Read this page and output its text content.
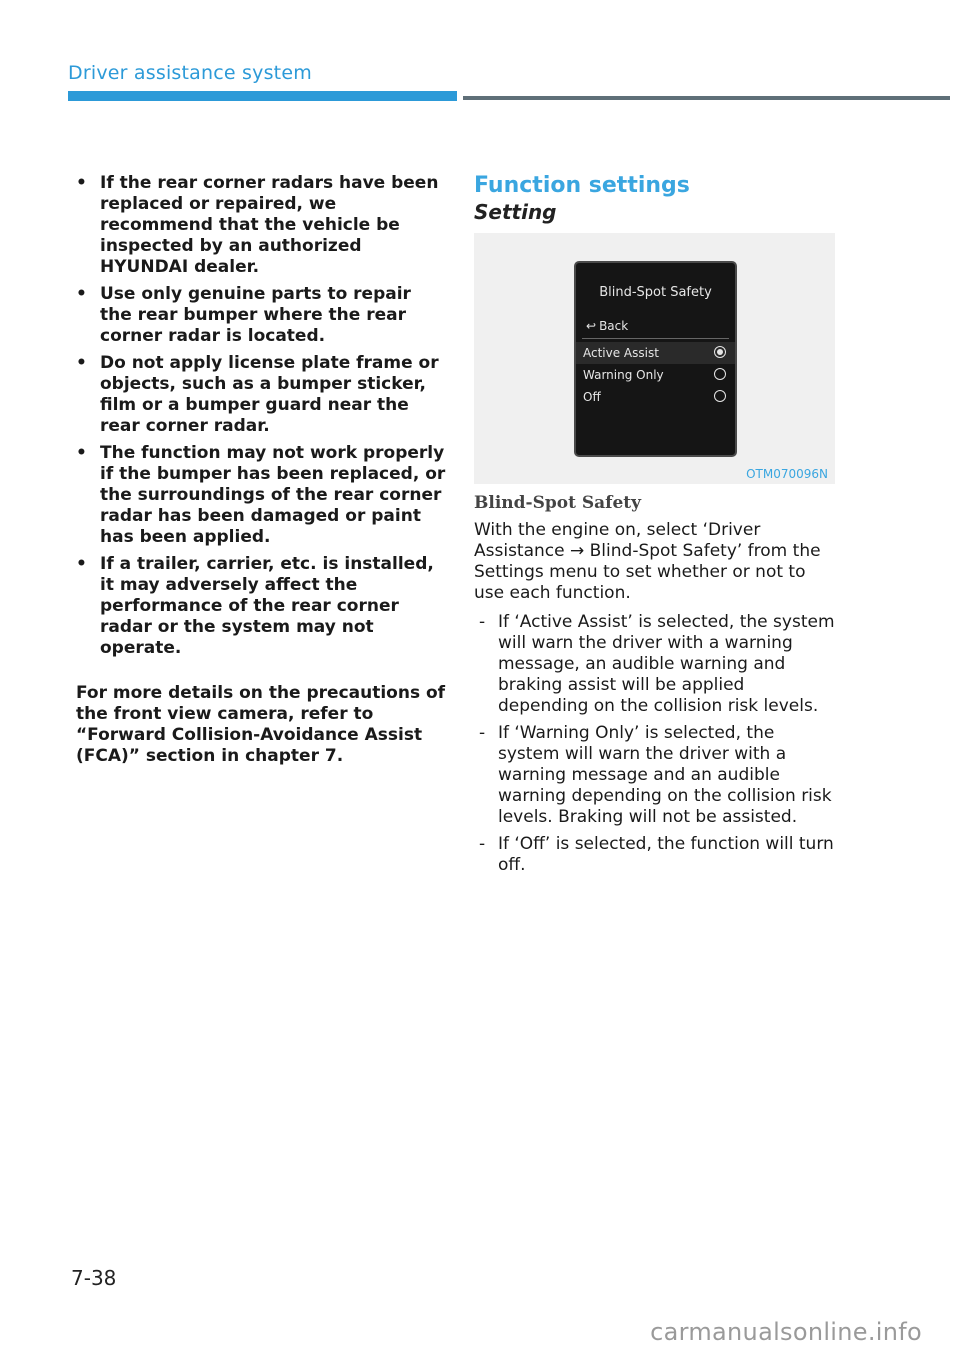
Driver assistance system
• If the rear corner radars have been replaced or repaired, we recommend that the vehicle be inspected by an authorized HYUNDAI dealer.
• Use only genuine parts to repair the rear bumper where the rear corner radar is located.
• Do not apply license plate frame or objects, such as a bumper sticker, film or a bumper guard near the rear corner radar.
• The function may not work properly if the bumper has been replaced, or the surroundings of the rear corner radar has been damaged or paint has been applied.
• If a trailer, carrier, etc. is installed, it may adversely affect the performance of the rear corner radar or the system may not operate.

For more details on the precautions of the front view camera, refer to “Forward Collision-Avoidance Assist (FCA)” section in chapter 7.

Function settings
Setting
Blind-Spot Safety
↩ Back
Active Assist
Warning Only
Off
OTM070096N
Blind-Spot Safety

With the engine on, select ‘Driver Assistance → Blind-Spot Safety’ from the Settings menu to set whether or not to use each function.

- If ‘Active Assist’ is selected, the system will warn the driver with a warning message, an audible warning and braking assist will be applied depending on the collision risk levels.
- If ‘Warning Only’ is selected, the system will warn the driver with a warning message and an audible warning depending on the collision risk levels. Braking will not be assisted.
- If ‘Off’ is selected, the function will turn off.
7-38
carmanualsonline.info
